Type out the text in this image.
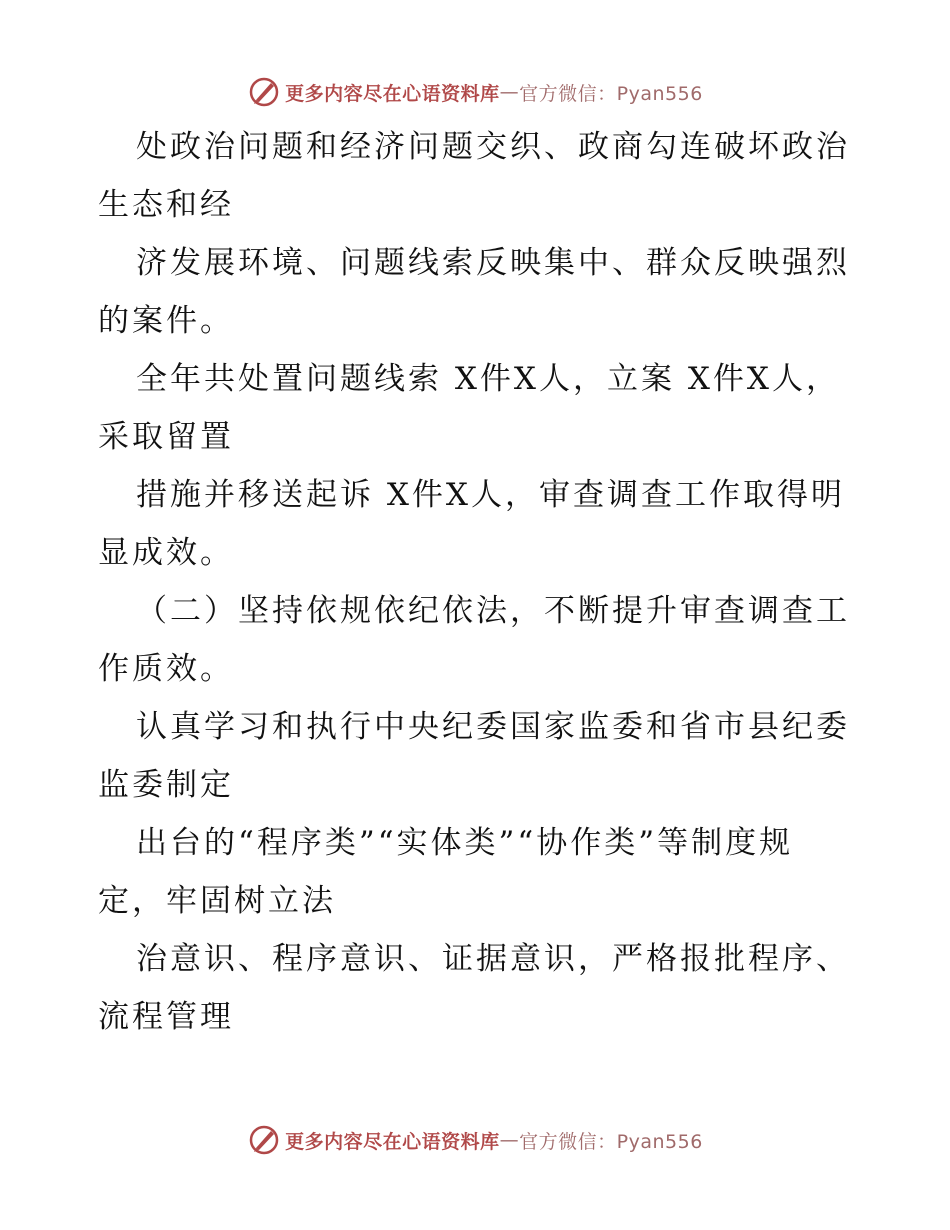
更多内容尽在心语资料库 — 官方微信：Pyan556

处政治问题和经济问题交织、政商勾连破坏政治生态和经

济发展环境、问题线索反映集中、群众反映强烈的案件。

全年共处置问题线索 X件X人，立案 X件X人，采取留置

措施并移送起诉 X件X人，审查调查工作取得明显成效。

（二）坚持依规依纪依法，不断提升审查调查工作质效。

认真学习和执行中央纪委国家监委和省市县纪委监委制定

出台的“程序类”“实体类”“协作类”等制度规定，牢固树立法

治意识、程序意识、证据意识，严格报批程序、流程管理

更多内容尽在心语资料库 — 官方微信：Pyan556
